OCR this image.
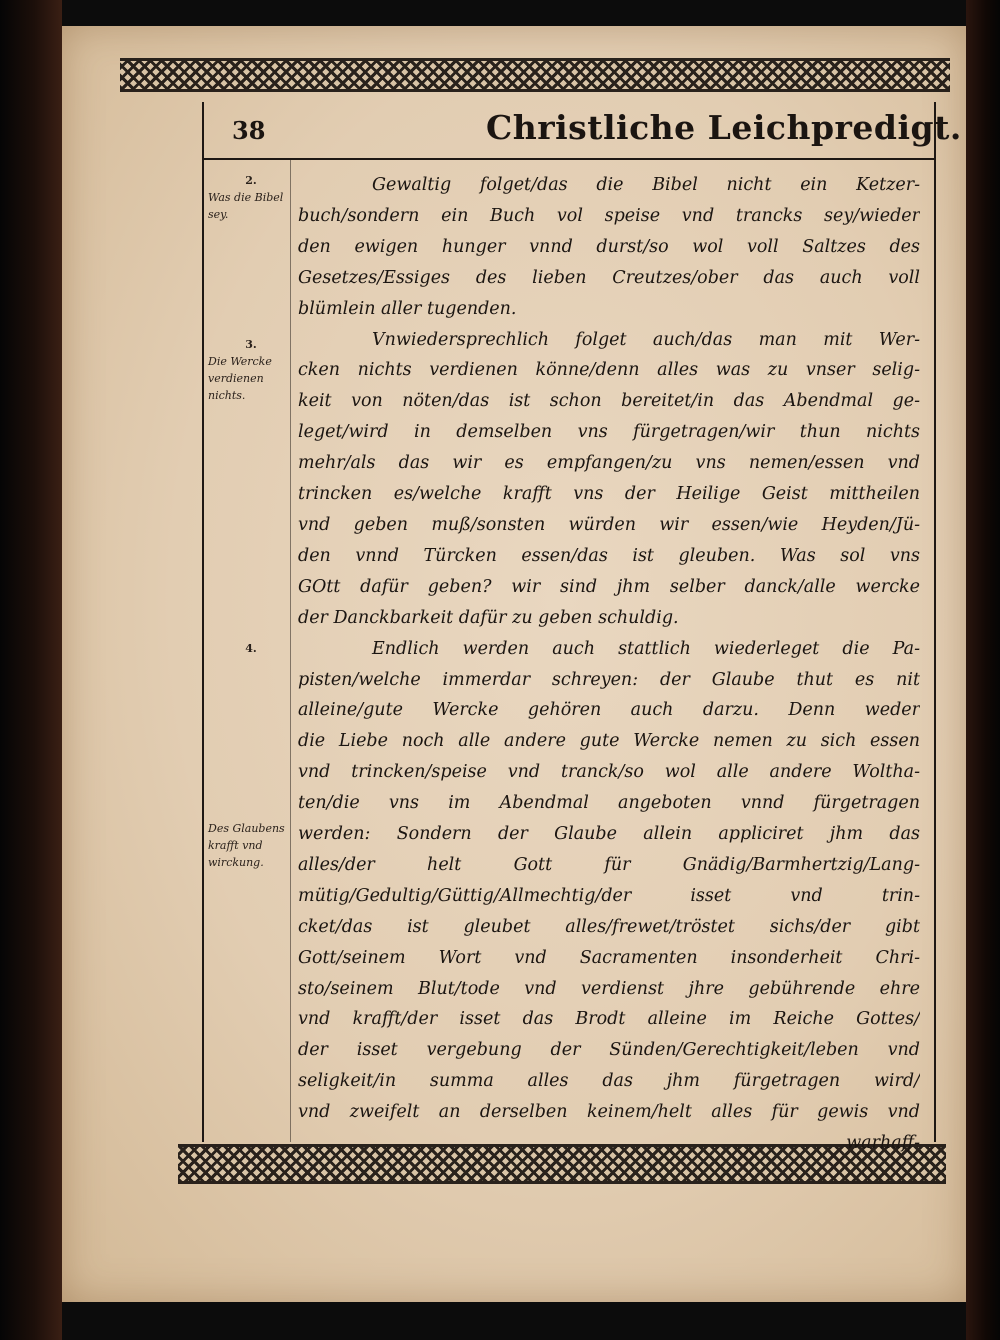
38	Christliche Leichpredigt.
2.
Was die Bibel sey.
3.
Die Wercke verdienen nichts.
4.
Des Glaubens krafft vnd wirckung.
Gewaltig folget/das die Bibel nicht ein Ketzer-
buch/sondern ein Buch vol speise vnd trancks sey/wieder
den ewigen hunger vnnd durst/so wol voll Saltzes des
Gesetzes/Essiges des lieben Creutzes/ober das auch voll
blümlein aller tugenden.
Vnwiedersprechlich folget auch/das man mit Wer-
cken nichts verdienen könne/denn alles was zu vnser selig-
keit von nöten/das ist schon bereitet/in das Abendmal ge-
leget/wird in demselben vns fürgetragen/wir thun nichts
mehr/als das wir es empfangen/zu vns nemen/essen vnd
trincken es/welche krafft vns der Heilige Geist mittheilen
vnd geben muß/sonsten würden wir essen/wie Heyden/Jü-
den vnnd Türcken essen/das ist gleuben. Was sol vns
GOtt dafür geben? wir sind jhm selber danck/alle wercke
der Danckbarkeit dafür zu geben schuldig.
Endlich werden auch stattlich wiederleget die Pa-
pisten/welche immerdar schreyen: der Glaube thut es nit
alleine/gute Wercke gehören auch darzu. Denn weder
die Liebe noch alle andere gute Wercke nemen zu sich essen
vnd trincken/speise vnd tranck/so wol alle andere Woltha-
ten/die vns im Abendmal angeboten vnnd fürgetragen
werden: Sondern der Glaube allein appliciret jhm das
alles/der helt Gott für Gnädig/Barmhertzig/Lang-
mütig/Gedultig/Güttig/Allmechtig/der isset vnd trin-
cket/das ist gleubet alles/frewet/tröstet sichs/der gibt
Gott/seinem Wort vnd Sacramenten insonderheit Chri-
sto/seinem Blut/tode vnd verdienst jhre gebührende ehre
vnd krafft/der isset das Brodt alleine im Reiche Gottes/
der isset vergebung der Sünden/Gerechtigkeit/leben vnd
seligkeit/in summa alles das jhm fürgetragen wird/
vnd zweifelt an derselben keinem/helt alles für gewis vnd
warhaff-
